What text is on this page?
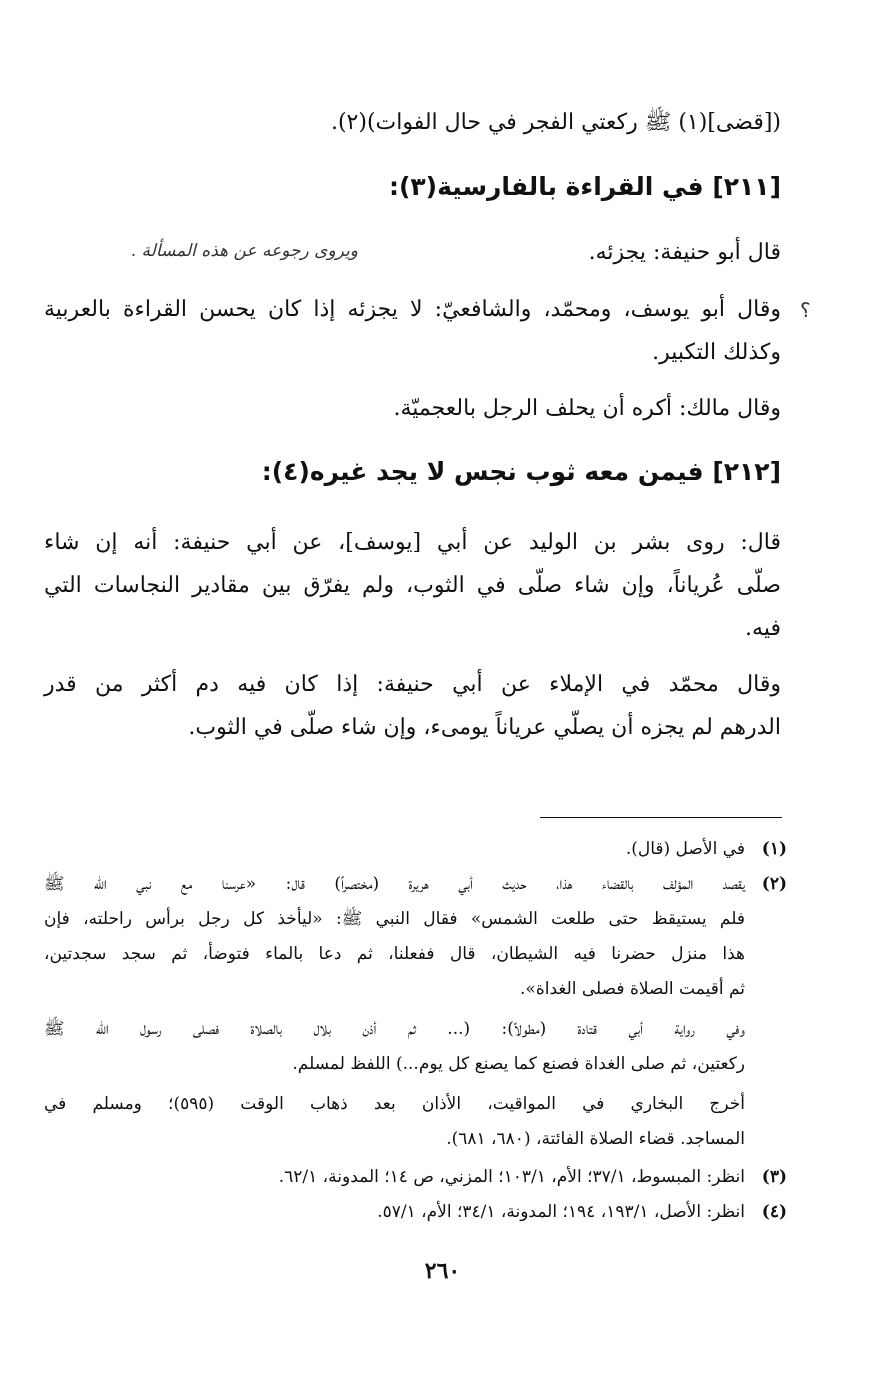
([قضى](١) ﷺ ركعتي الفجر في حال الفوات)(٢).
[٢١١] في القراءة بالفارسية(٣):
قال أبو حنيفة: يجزئه.
ويروى رجوعه عن هذه المسألة .
؟
وقال أبو يوسف، ومحمّد، والشافعيّ: لا يجزئه إذا كان يحسن القراءة بالعربية
وكذلك التكبير.
وقال مالك: أكره أن يحلف الرجل بالعجميّة.
[٢١٢] فيمن معه ثوب نجس لا يجد غيره(٤):
قال: روى بشر بن الوليد عن أبي [يوسف]، عن أبي حنيفة: أنه إن شاء
صلّى عُرياناً، وإن شاء صلّى في الثوب، ولم يفرّق بين مقادير النجاسات التي
فيه.
وقال محمّد في الإملاء عن أبي حنيفة: إذا كان فيه دم أكثر من قدر
الدرهم لم يجزه أن يصلّي عرياناً يومىء، وإن شاء صلّى في الثوب.
(١)في الأصل (قال).
(٢)يقصد المؤلف بالقضاء هذا، حديث أبي هريرة (مختصراً) قال: «عرسنا مع نبي الله ﷺ
فلم يستيقظ حتى طلعت الشمس» فقال النبي ﷺ: «ليأخذ كل رجل برأس راحلته، فإن
هذا منزل حضرنا فيه الشيطان، قال ففعلنا، ثم دعا بالماء فتوضأ، ثم سجد سجدتين،
ثم أقيمت الصلاة فصلى الغداة».
وفي رواية أبي قتادة (مطولاً): (... ثم أذن بلال بالصلاة فصلى رسول الله ﷺ
ركعتين، ثم صلى الغداة فصنع كما يصنع كل يوم...) اللفظ لمسلم.
أخرج البخاري في المواقيت، الأذان بعد ذهاب الوقت (٥٩٥)؛ ومسلم في
المساجد. قضاء الصلاة الفائتة، (٦٨٠، ٦٨١).
(٣)انظر: المبسوط، ٣٧/١؛ الأم، ١٠٣/١؛ المزني، ص ١٤؛ المدونة، ٦٢/١.
(٤)انظر: الأصل، ١٩٣/١، ١٩٤؛ المدونة، ٣٤/١؛ الأم، ٥٧/١.
٢٦٠
